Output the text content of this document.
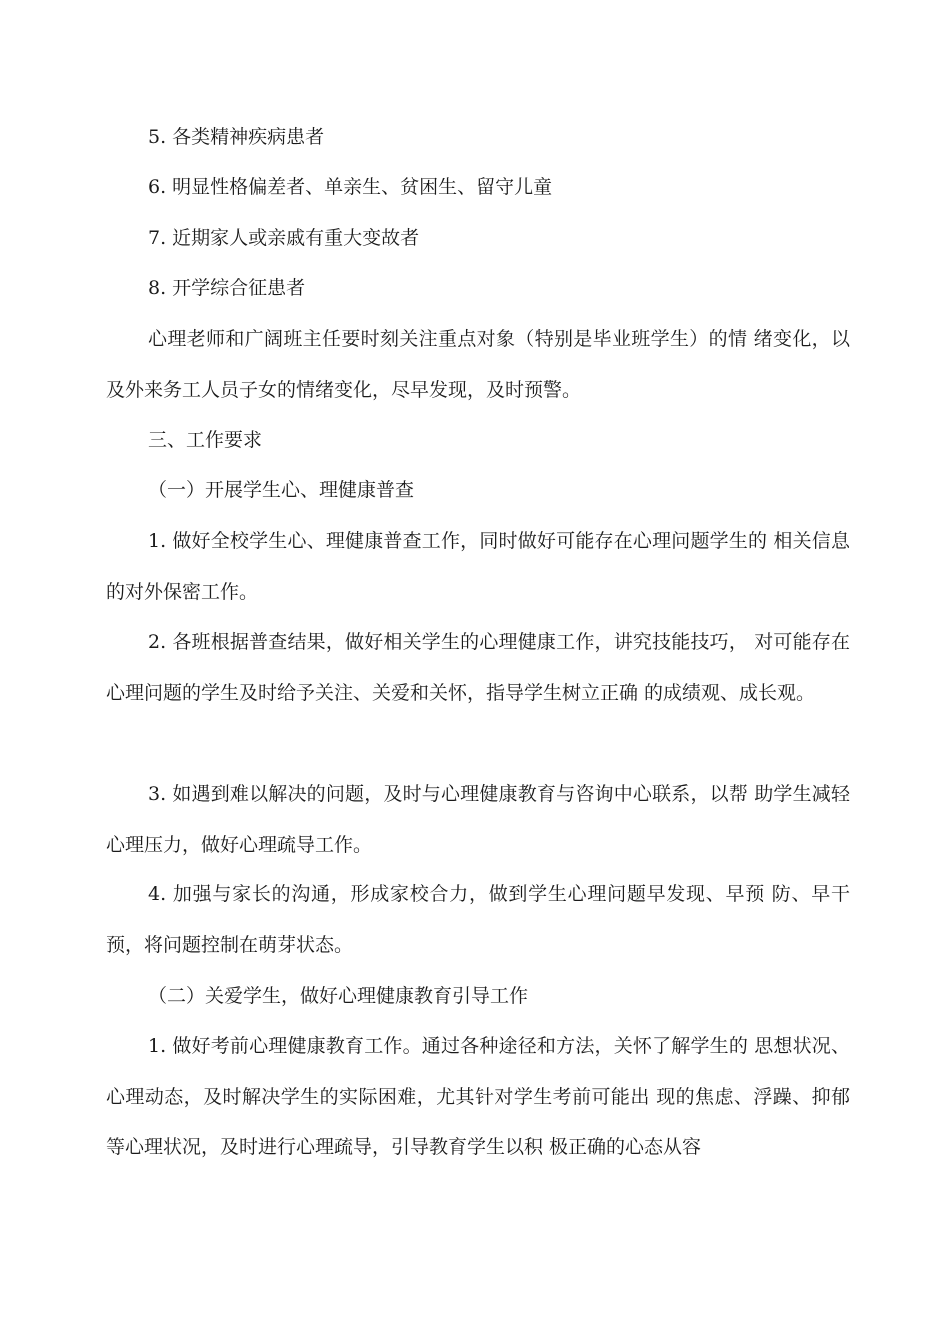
5. 各类精神疾病患者

6. 明显性格偏差者、单亲生、贫困生、留守儿童

7. 近期家人或亲戚有重大变故者

8. 开学综合征患者

心理老师和广阔班主任要时刻关注重点对象（特别是毕业班学生）的情 绪变化，以及外来务工人员子女的情绪变化，尽早发现，及时预警。

三、工作要求

（一）开展学生心、理健康普查

1. 做好全校学生心、理健康普查工作，同时做好可能存在心理问题学生的 相关信息的对外保密工作。

2. 各班根据普查结果，做好相关学生的心理健康工作，讲究技能技巧， 对可能存在心理问题的学生及时给予关注、关爱和关怀，指导学生树立正确 的成绩观、成长观。

3. 如遇到难以解决的问题，及时与心理健康教育与咨询中心联系，以帮 助学生减轻心理压力，做好心理疏导工作。

4. 加强与家长的沟通，形成家校合力，做到学生心理问题早发现、早预 防、早干预，将问题控制在萌芽状态。

（二）关爱学生，做好心理健康教育引导工作

1. 做好考前心理健康教育工作。通过各种途径和方法，关怀了解学生的 思想状况、心理动态，及时解决学生的实际困难，尤其针对学生考前可能出 现的焦虑、浮躁、抑郁等心理状况，及时进行心理疏导，引导教育学生以积 极正确的心态从容
